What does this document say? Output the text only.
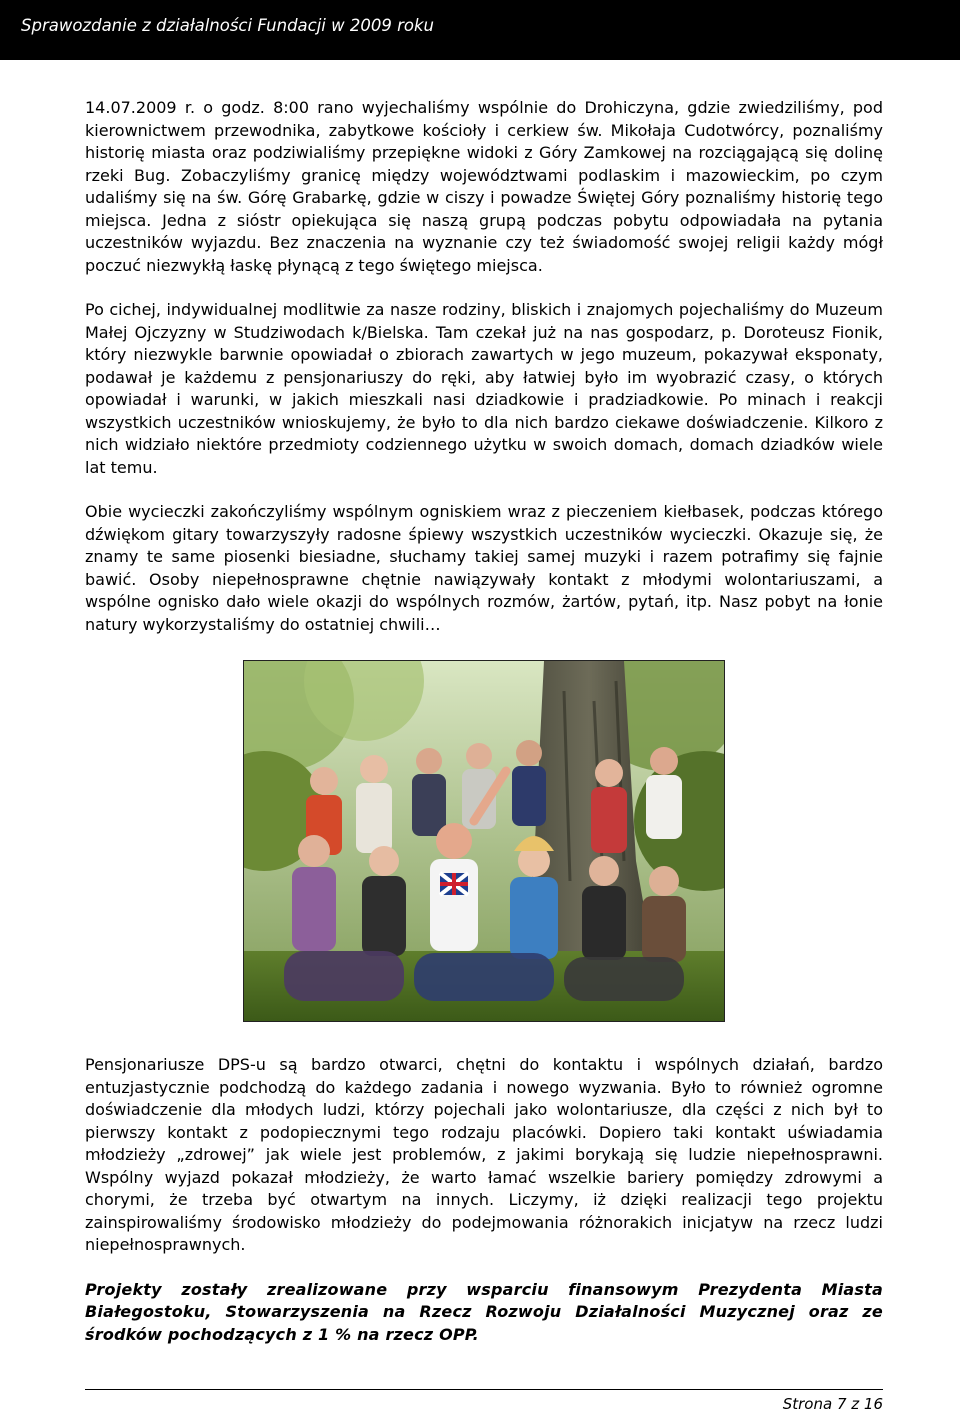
Sprawozdanie z działalności Fundacji w 2009 roku

14.07.2009 r. o godz. 8:00 rano wyjechaliśmy wspólnie do Drohiczyna, gdzie zwiedziliśmy, pod kierownictwem przewodnika, zabytkowe kościoły i cerkiew św. Mikołaja Cudotwórcy, poznaliśmy historię miasta oraz podziwialiśmy przepiękne widoki z Góry Zamkowej na rozciągającą się dolinę rzeki Bug. Zobaczyliśmy granicę między województwami podlaskim i mazowieckim, po czym udaliśmy się na św. Górę Grabarkę, gdzie w ciszy i powadze Świętej Góry poznaliśmy historię tego miejsca. Jedna z sióstr opiekująca się naszą grupą podczas pobytu odpowiadała na pytania uczestników wyjazdu. Bez znaczenia na wyznanie czy też świadomość swojej religii każdy mógł poczuć niezwykłą łaskę płynącą z tego świętego miejsca.

Po cichej, indywidualnej modlitwie za nasze rodziny, bliskich i znajomych pojechaliśmy do Muzeum Małej Ojczyzny w Studziwodach k/Bielska. Tam czekał już na nas gospodarz, p. Doroteusz Fionik, który niezwykle barwnie opowiadał o zbiorach zawartych w jego muzeum, pokazywał eksponaty, podawał je każdemu z pensjonariuszy do ręki, aby łatwiej było im wyobrazić czasy, o których opowiadał i warunki, w jakich mieszkali nasi dziadkowie i pradziadkowie. Po minach i reakcji wszystkich uczestników wnioskujemy, że było to dla nich bardzo ciekawe doświadczenie. Kilkoro z nich widziało niektóre przedmioty codziennego użytku w swoich domach, domach dziadków wiele lat temu.

Obie wycieczki zakończyliśmy wspólnym ogniskiem wraz z pieczeniem kiełbasek, podczas którego dźwiękom gitary towarzyszyły radosne śpiewy wszystkich uczestników wycieczki. Okazuje się, że znamy te same piosenki biesiadne, słuchamy takiej samej muzyki i razem potrafimy się fajnie bawić. Osoby niepełnosprawne chętnie nawiązywały kontakt z młodymi wolontariuszami, a wspólne ognisko dało wiele okazji do wspólnych rozmów, żartów, pytań, itp. Nasz pobyt na łonie natury wykorzystaliśmy do ostatniej chwili…

Pensjonariusze DPS-u są bardzo otwarci, chętni do kontaktu i wspólnych działań, bardzo entuzjastycznie podchodzą do każdego zadania i nowego wyzwania. Było to również ogromne doświadczenie dla młodych ludzi, którzy pojechali jako wolontariusze, dla części z nich był to pierwszy kontakt z podopiecznymi tego rodzaju placówki. Dopiero taki kontakt uświadamia młodzieży „zdrowej” jak wiele jest problemów, z jakimi borykają się ludzie niepełnosprawni. Wspólny wyjazd pokazał młodzieży, że warto łamać wszelkie bariery pomiędzy zdrowymi a chorymi, że trzeba być otwartym na innych. Liczymy, iż dzięki realizacji tego projektu zainspirowaliśmy środowisko młodzieży do podejmowania różnorakich inicjatyw na rzecz ludzi niepełnosprawnych.

Projekty zostały zrealizowane przy wsparciu finansowym Prezydenta Miasta Białegostoku, Stowarzyszenia na Rzecz Rozwoju Działalności Muzycznej oraz ze środków pochodzących z 1 % na rzecz OPP.

Strona 7 z 16
